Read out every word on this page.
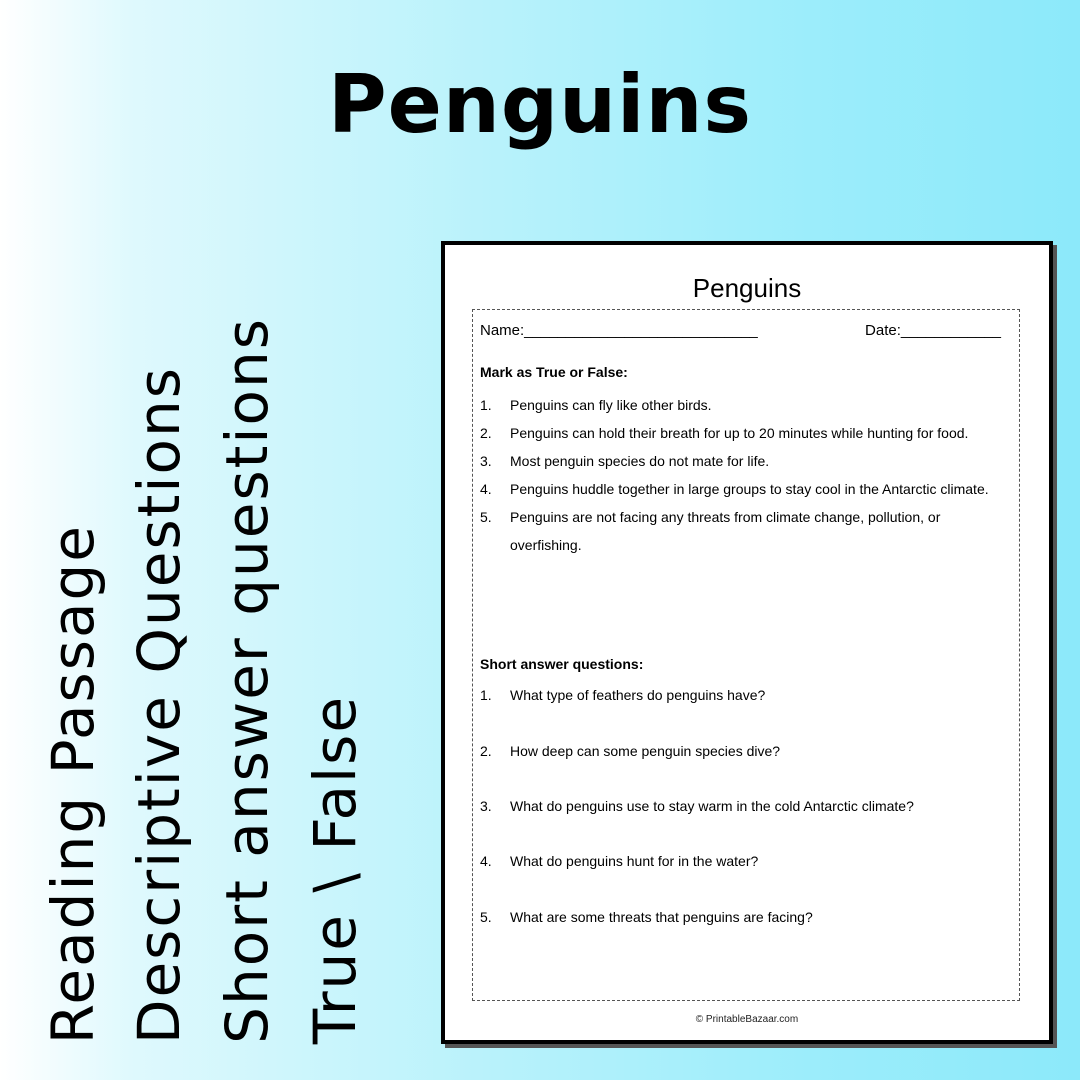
Penguins
Reading Passage Descriptive Questions Short answer questions True \ False
Penguins
Name:____________________________	Date:____________
Mark as True or False:
1. Penguins can fly like other birds.
2. Penguins can hold their breath for up to 20 minutes while hunting for food.
3. Most penguin species do not mate for life.
4. Penguins huddle together in large groups to stay cool in the Antarctic climate.
5. Penguins are not facing any threats from climate change, pollution, or overfishing.
Short answer questions:
1. What type of feathers do penguins have?
2. How deep can some penguin species dive?
3. What do penguins use to stay warm in the cold Antarctic climate?
4. What do penguins hunt for in the water?
5. What are some threats that penguins are facing?
© PrintableBazaar.com
